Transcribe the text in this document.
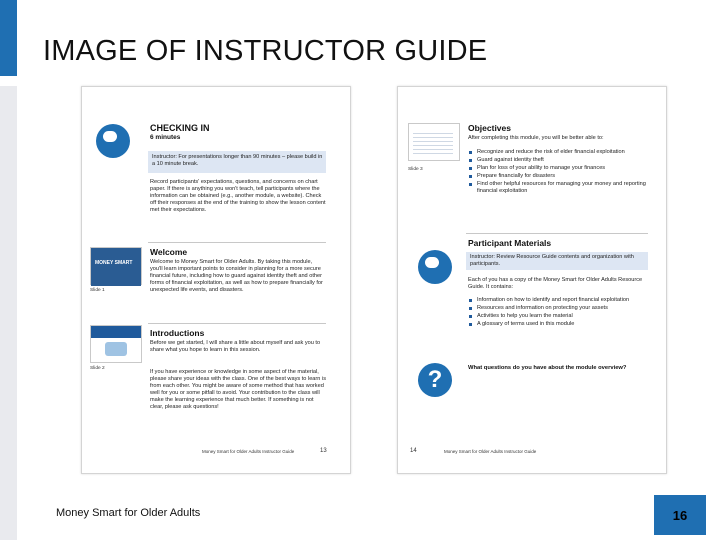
IMAGE OF INSTRUCTOR GUIDE
CHECKING IN
6 minutes
Instructor: For presentations longer than 90 minutes – please build in a 10 minute break.
Record participants' expectations, questions, and concerns on chart paper. If there is anything you won't teach, tell participants where the information can be obtained (e.g., another module, a website). Check off their responses at the end of the training to show the lesson content met their expectations.
MONEY SMART
Slide 1
Welcome
Welcome to Money Smart for Older Adults. By taking this module, you'll learn important points to consider in planning for a more secure financial future, including how to guard against identity theft and other forms of financial exploitation, as well as how to prepare financially for unexpected life events, and disasters.
Slide 2
Introductions
Before we get started, I will share a little about myself and ask you to share what you hope to learn in this session.
If you have experience or knowledge in some aspect of the material, please share your ideas with the class. One of the best ways to learn is from each other. You might be aware of some method that has worked well for you or some pitfall to avoid. Your contribution to the class will make the learning experience that much better. If something is not clear, please ask questions!
Money Smart for Older Adults Instructor Guide	13
Slide 3
Objectives
After completing this module, you will be better able to:
Recognize and reduce the risk of elder financial exploitation
Guard against identity theft
Plan for loss of your ability to manage your finances
Prepare financially for disasters
Find other helpful resources for managing your money and reporting financial exploitation
Participant Materials
Instructor: Review Resource Guide contents and organization with participants.
Each of you has a copy of the Money Smart for Older Adults Resource Guide. It contains:
Information on how to identify and report financial exploitation
Resources and information on protecting your assets
Activities to help you learn the material
A glossary of terms used in this module
?	What questions do you have about the module overview?
14	Money Smart for Older Adults Instructor Guide
Money Smart for Older Adults	16
